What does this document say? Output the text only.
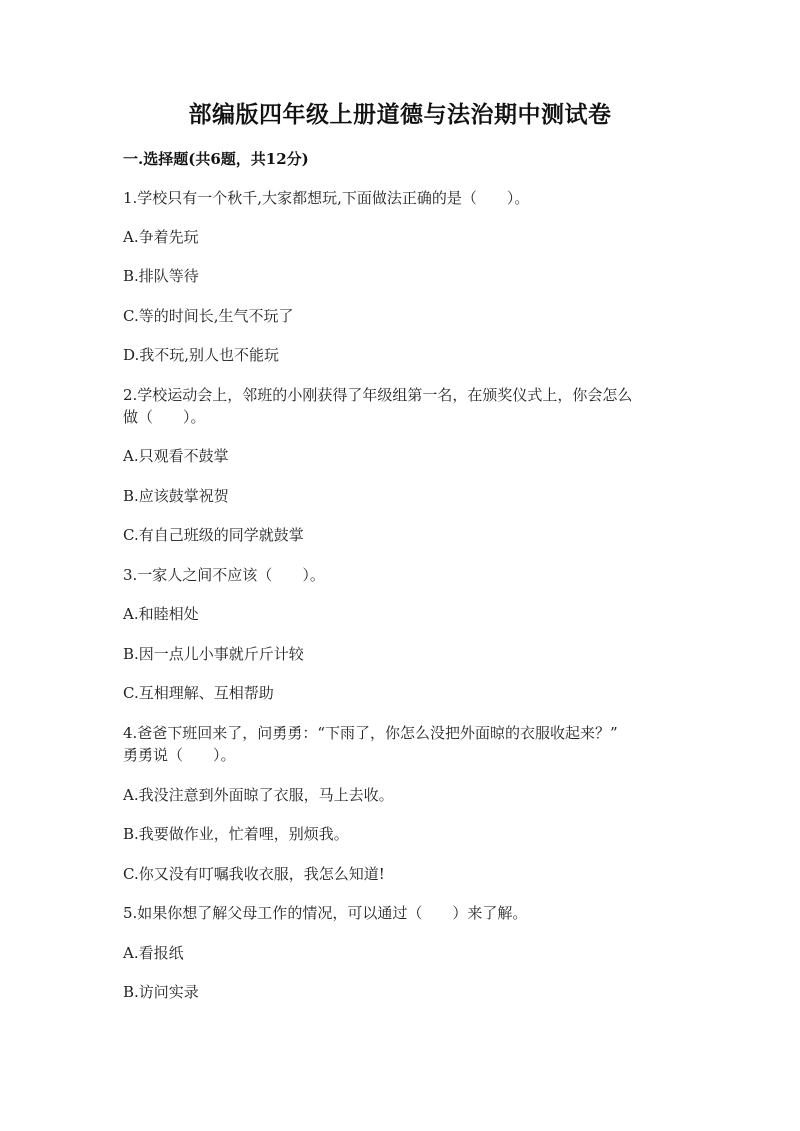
部编版四年级上册道德与法治期中测试卷
一.选择题(共6题，共12分)
1.学校只有一个秋千,大家都想玩,下面做法正确的是（　　）。
A.争着先玩
B.排队等待
C.等的时间长,生气不玩了
D.我不玩,别人也不能玩
2.学校运动会上，邻班的小刚获得了年级组第一名，在颁奖仪式上，你会怎么
做（　　）。
A.只观看不鼓掌
B.应该鼓掌祝贺
C.有自己班级的同学就鼓掌
3.一家人之间不应该（　　）。
A.和睦相处
B.因一点儿小事就斤斤计较
C.互相理解、互相帮助
4.爸爸下班回来了，问勇勇：“下雨了，你怎么没把外面晾的衣服收起来？”
勇勇说（　　）。
A.我没注意到外面晾了衣服，马上去收。
B.我要做作业，忙着哩，别烦我。
C.你又没有叮嘱我收衣服，我怎么知道!
5.如果你想了解父母工作的情况，可以通过（　　）来了解。
A.看报纸
B.访问实录
